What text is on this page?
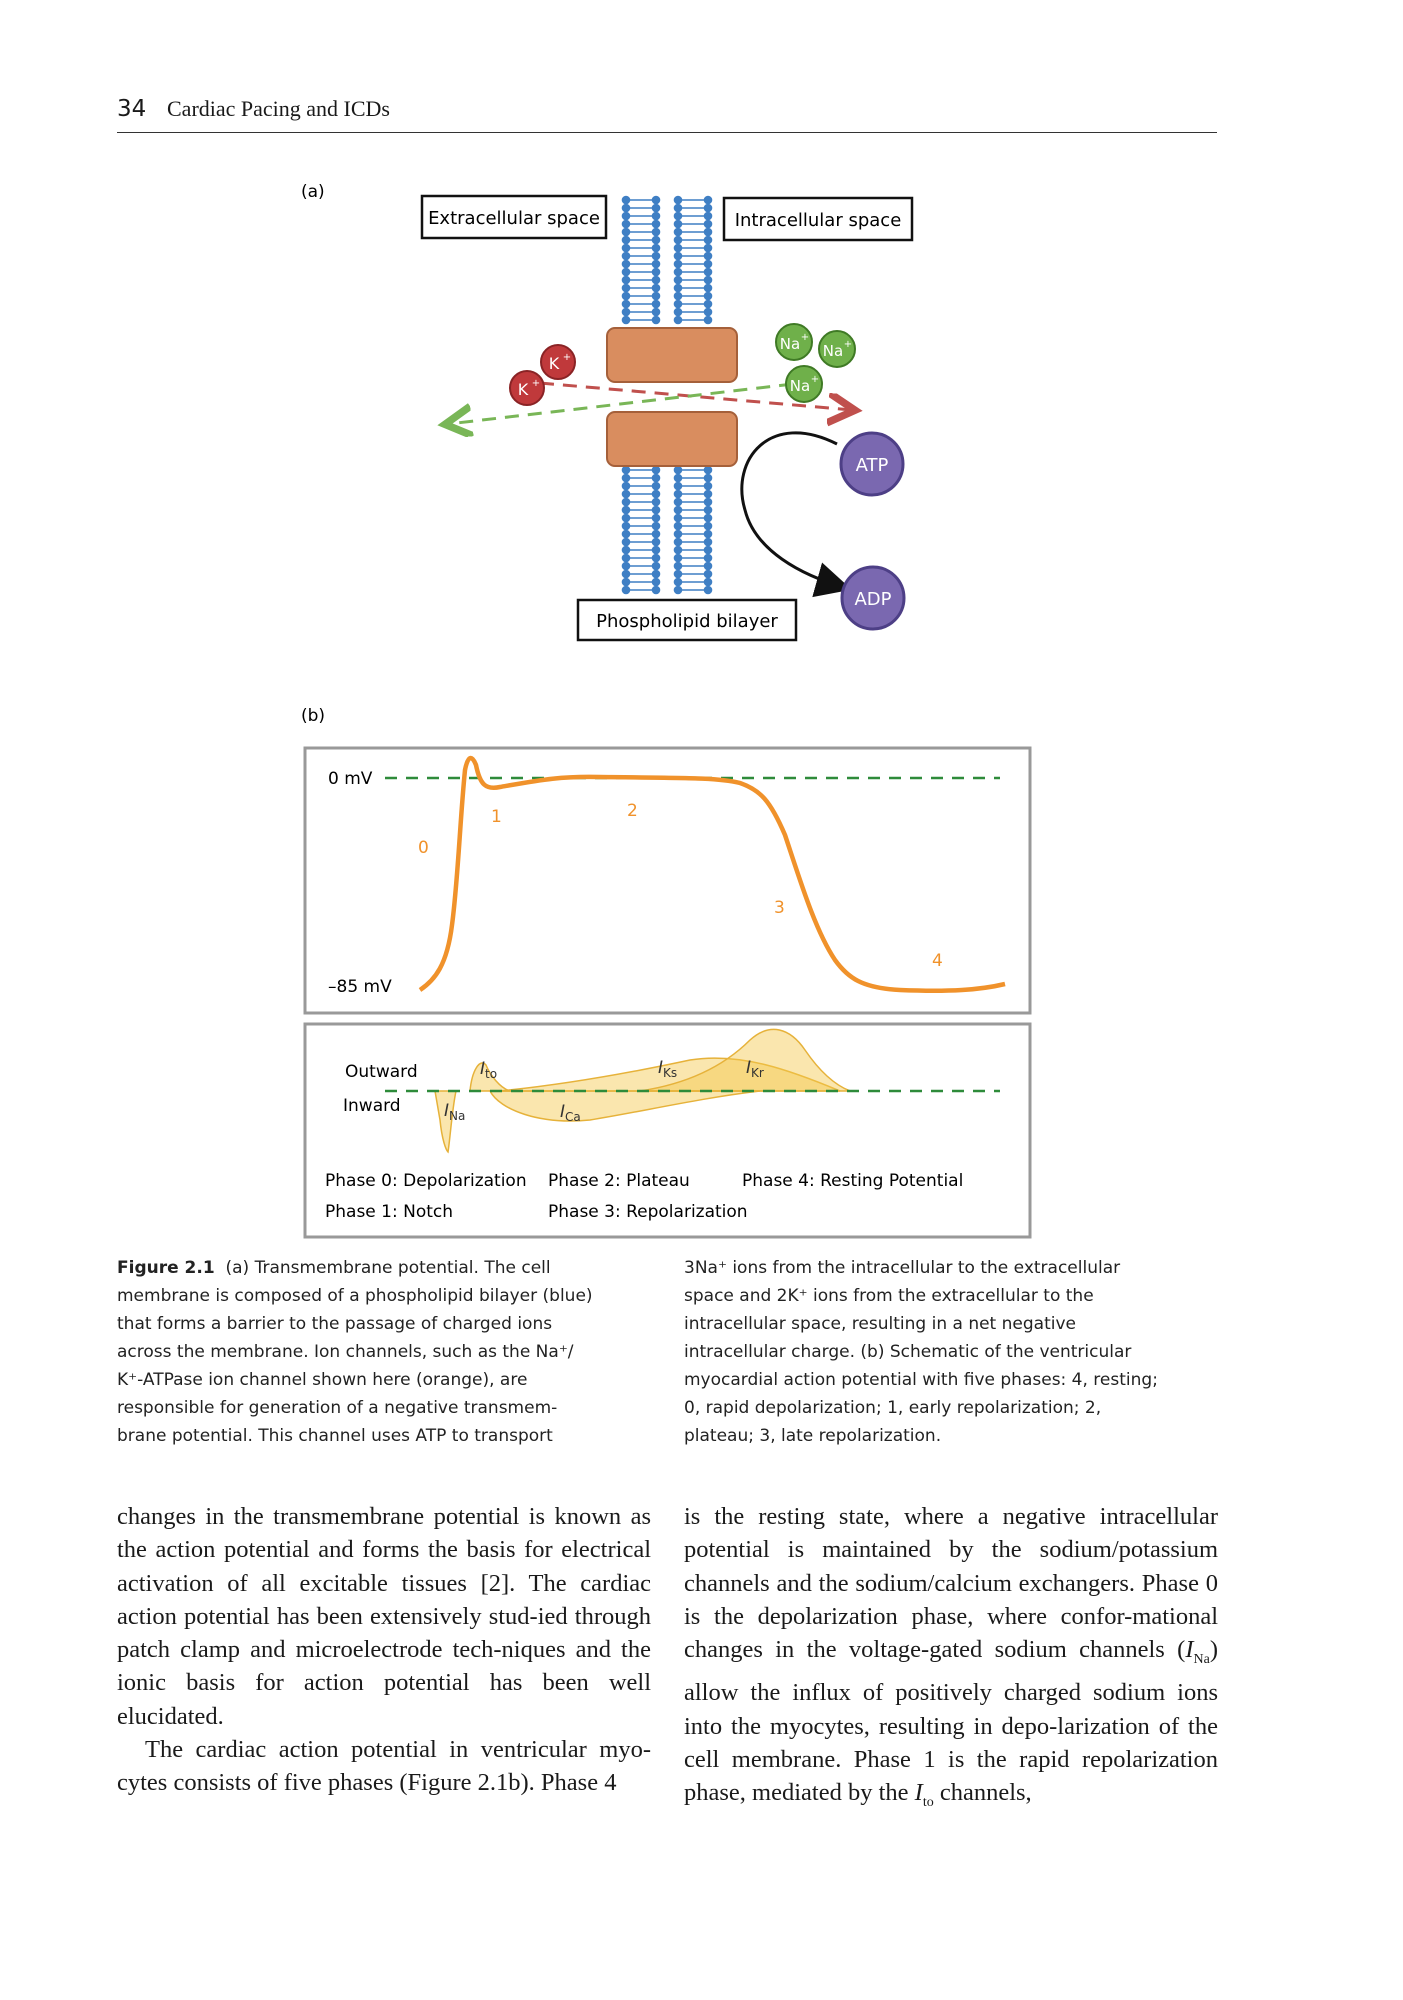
34 Cardiac Pacing and ICDs
(a)
Extracellular space	Intracellular space
Phospholipid bilayer
K +
K +
Na +
Na +
Na +
ATP
ADP
(b)
0 mV
–85 mV
0
1	2
3
4
Outward
Inward
$I_{to}$
$I_{Na}$	$I_{Ca}$
$I_{Ks}$	$I_{Kr}$
Phase 0: Depolarization
Phase 1: Notch
Phase 2: Plateau
Phase 3: Repolarization
Phase 4: Resting Potential
Figure 2.1 (a) Transmembrane potential. The cell
membrane is composed of a phospholipid bilayer (blue)
that forms a barrier to the passage of charged ions
across the membrane. Ion channels, such as the Na⁺/
K⁺-ATPase ion channel shown here (orange), are
responsible for generation of a negative transmem-
brane potential. This channel uses ATP to transport
3Na⁺ ions from the intracellular to the extracellular
space and 2K⁺ ions from the extracellular to the
intracellular space, resulting in a net negative
intracellular charge. (b) Schematic of the ventricular
myocardial action potential with five phases: 4, resting;
0, rapid depolarization; 1, early repolarization; 2,
plateau; 3, late repolarization.

changes in the transmembrane potential is known as the action potential and forms the basis for electrical activation of all excitable tissues [2]. The cardiac action potential has been extensively stud-ied through patch clamp and microelectrode tech-niques and the ionic basis for action potential has been well elucidated.

The cardiac action potential in ventricular myo-cytes consists of five phases (Figure 2.1b). Phase 4

is the resting state, where a negative intracellular potential is maintained by the sodium/potassium channels and the sodium/calcium exchangers. Phase 0 is the depolarization phase, where confor-mational changes in the voltage-gated sodium channels $(I_{Na})$ allow the influx of positively charged sodium ions into the myocytes, resulting in depo-larization of the cell membrane. Phase 1 is the rapid repolarization phase, mediated by the $I_{to}$ channels,
